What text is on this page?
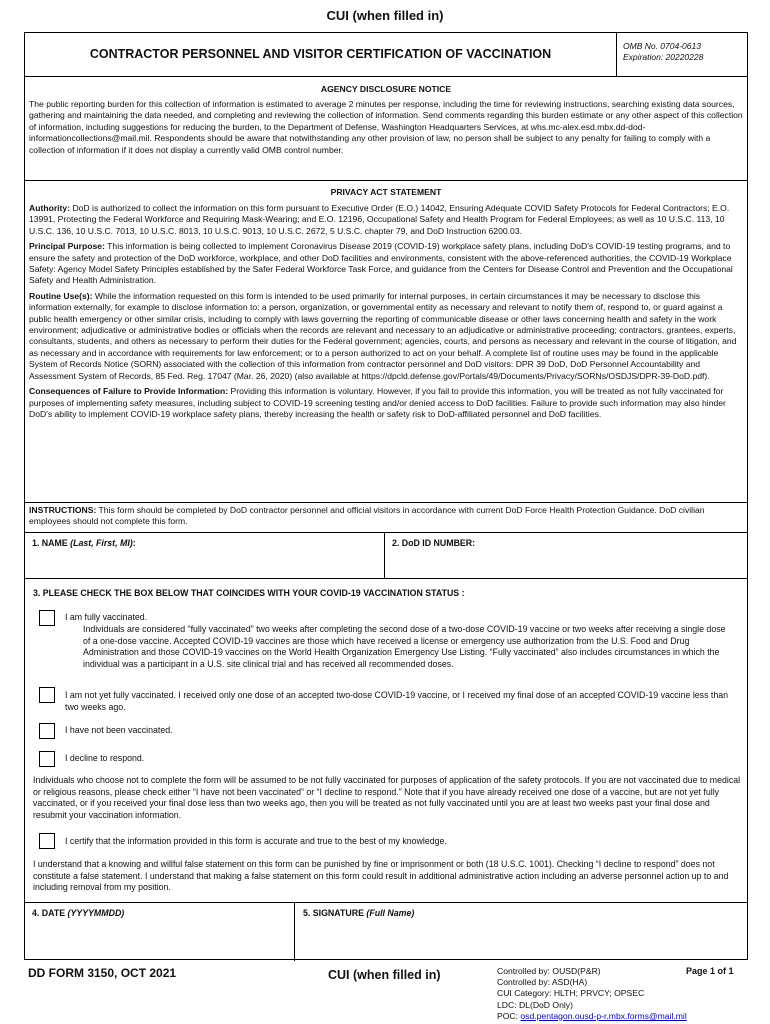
CUI (when filled in)
CONTRACTOR PERSONNEL AND VISITOR CERTIFICATION OF VACCINATION
OMB No. 0704-0613
Expiration: 20220228

AGENCY DISCLOSURE NOTICE

The public reporting burden for this collection of information is estimated to average 2 minutes per response, including the time for reviewing instructions, searching existing data sources, gathering and maintaining the data needed, and completing and reviewing the collection of information. Send comments regarding this burden estimate or any other aspect of this collection of information, including suggestions for reducing the burden, to the Department of Defense, Washington Headquarters Services, at whs.mc-alex.esd.mbx.dd-dod-informationcollections@mail.mil. Respondents should be aware that notwithstanding any other provision of law, no person shall be subject to any penalty for failing to comply with a collection of information if it does not display a currently valid OMB control number.

PRIVACY ACT STATEMENT

Authority: DoD is authorized to collect the information on this form pursuant to Executive Order (E.O.) 14042, Ensuring Adequate COVID Safety Protocols for Federal Contractors; E.O. 13991, Protecting the Federal Workforce and Requiring Mask-Wearing; and E.O. 12196, Occupational Safety and Health Program for Federal Employees; as well as 10 U.S.C. 113, 10 U.S.C. 136, 10 U.S.C. 7013, 10 U.S.C. 8013, 10 U.S.C. 9013, 10 U.S.C. 2672, 5 U.S.C. chapter 79, and DoD Instruction 6200.03.

Principal Purpose: This information is being collected to implement Coronavirus Disease 2019 (COVID-19) workplace safety plans, including DoD's COVID-19 testing programs, and to ensure the safety and protection of the DoD workforce, workplace, and other DoD facilities and environments, consistent with the above-referenced authorities, the COVID-19 Workplace Safety: Agency Model Safety Principles established by the Safer Federal Workforce Task Force, and guidance from the Centers for Disease Control and Prevention and the Occupational Safety and Health Administration.

Routine Use(s): While the information requested on this form is intended to be used primarily for internal purposes, in certain circumstances it may be necessary to disclose this information externally, for example to disclose information to: a person, organization, or governmental entity as necessary and relevant to notify them of, respond to, or guard against a public health emergency or other similar crisis, including to comply with laws governing the reporting of communicable disease or other laws concerning health and safety in the work environment; adjudicative or administrative bodies or officials when the records are relevant and necessary to an adjudicative or administrative proceeding; contractors, grantees, experts, consultants, students, and others as necessary to perform their duties for the Federal government; agencies, courts, and persons as necessary and relevant in the course of litigation, and as necessary and in accordance with requirements for law enforcement; or to a person authorized to act on your behalf. A complete list of routine uses may be found in the applicable System of Records Notice (SORN) associated with the collection of this information from contractor personnel and DoD visitors: DPR 39 DoD, DoD Personnel Accountability and Assessment System of Records, 85 Fed. Reg. 17047 (Mar. 26, 2020) (also available at https://dpcld.defense.gov/Portals/49/Documents/Privacy/SORNs/OSDJS/DPR-39-DoD.pdf).

Consequences of Failure to Provide Information: Providing this information is voluntary. However, if you fail to provide this information, you will be treated as not fully vaccinated for purposes of implementing safety measures, including subject to COVID-19 screening testing and/or denied access to DoD facilities. Failure to provide such information may also hinder DoD's ability to implement COVID-19 workplace safety plans, thereby increasing the health or safety risk to DoD-affiliated personnel and DoD facilities.

INSTRUCTIONS: This form should be completed by DoD contractor personnel and official visitors in accordance with current DoD Force Health Protection Guidance. DoD civilian employees should not complete this form.

1. NAME (Last, First, MI):	2. DoD ID NUMBER:
3. PLEASE CHECK THE BOX BELOW THAT COINCIDES WITH YOUR COVID-19 VACCINATION STATUS :
I am fully vaccinated.
Individuals are considered “fully vaccinated” two weeks after completing the second dose of a two-dose COVID-19 vaccine or two weeks after receiving a single dose of a one-dose vaccine. Accepted COVID-19 vaccines are those which have received a license or emergency use authorization from the U.S. Food and Drug Administration and those COVID-19 vaccines on the World Health Organization Emergency Use Listing. “Fully vaccinated” also includes circumstances in which the individual was a participant in a U.S. site clinical trial and has received all recommended doses.
I am not yet fully vaccinated. I received only one dose of an accepted two-dose COVID-19 vaccine, or I received my final dose of an accepted COVID-19 vaccine less than two weeks ago.
I have not been vaccinated.
I decline to respond.
Individuals who choose not to complete the form will be assumed to be not fully vaccinated for purposes of application of the safety protocols. If you are not vaccinated due to medical or religious reasons, please check either “I have not been vaccinated” or “I decline to respond.” Note that if you have already received one dose of a vaccine, but are not yet fully vaccinated, or if you received your final dose less than two weeks ago, then you will be treated as not fully vaccinated until you are at least two weeks past your final dose and resubmit your vaccination information.
I certify that the information provided in this form is accurate and true to the best of my knowledge.
I understand that a knowing and willful false statement on this form can be punished by fine or imprisonment or both (18 U.S.C. 1001). Checking “I decline to respond” does not constitute a false statement. I understand that making a false statement on this form could result in additional administrative action including an adverse personnel action up to and including removal from my position.
4. DATE (YYYYMMDD)	5. SIGNATURE (Full Name)
DD FORM 3150, OCT 2021	CUI (when filled in)	Controlled by: OUSD(P&R)
Controlled by: ASD(HA)
CUI Category: HLTH; PRVCY; OPSEC
LDC: DL(DoD Only)
POC: osd.pentagon.ousd-p-r.mbx.forms@mail.mil
Page 1 of 1
